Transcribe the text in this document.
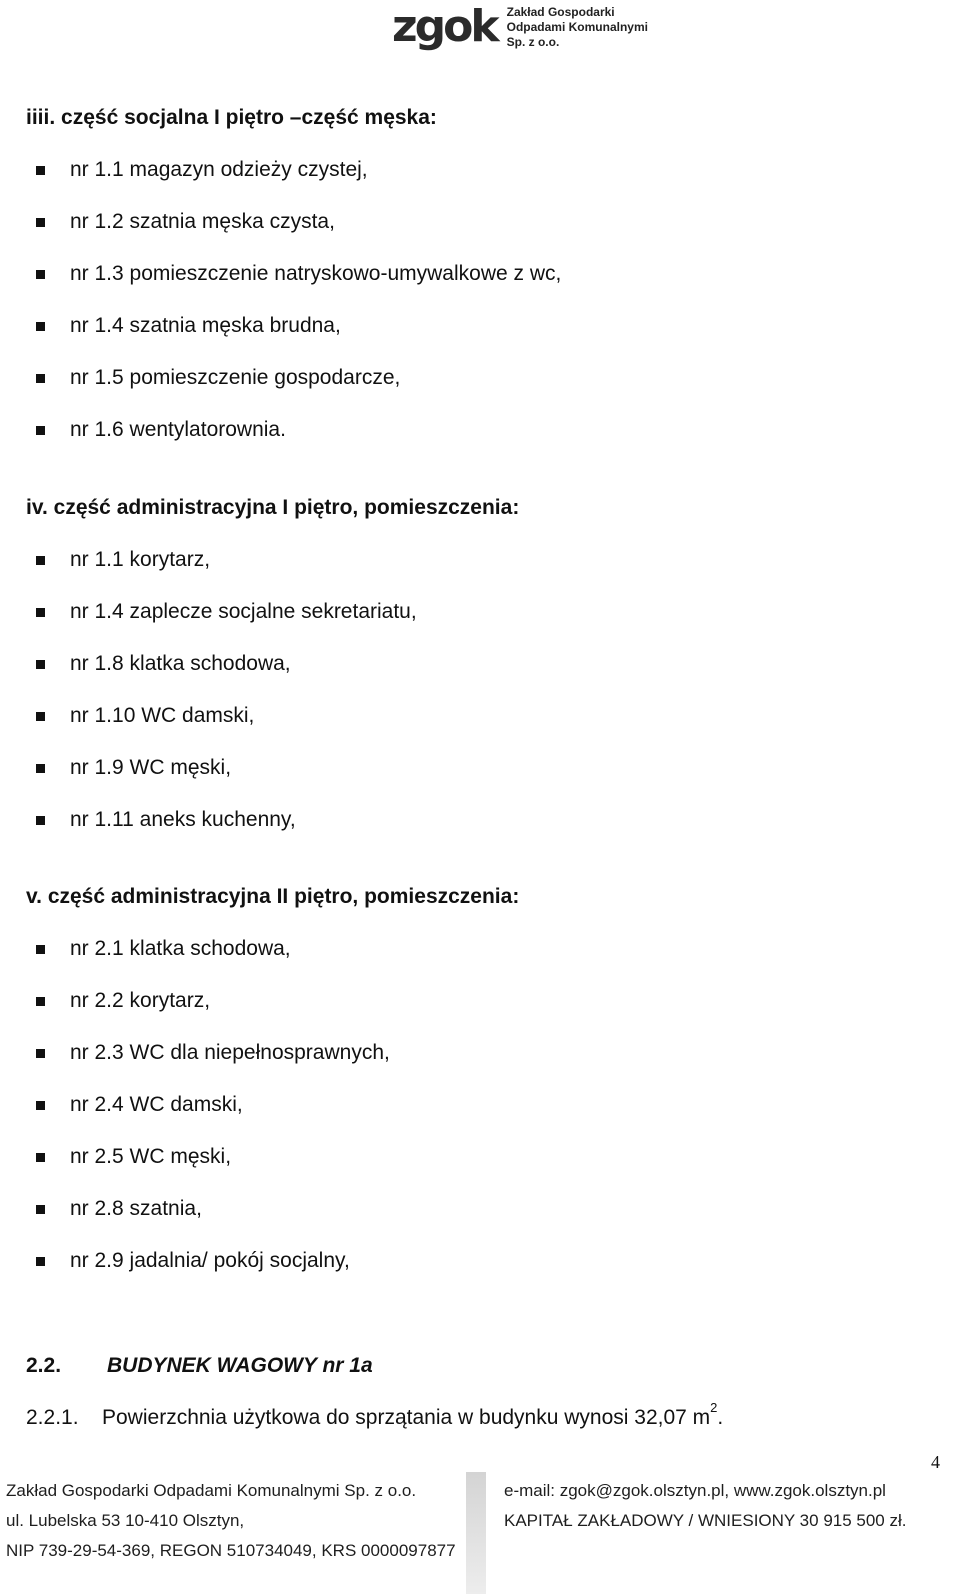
zgok Zakład Gospodarki
Odpadami Komunalnymi Sp. z o.o.
iiii. część socjalna I piętro –część męska:
nr 1.1 magazyn odzieży czystej,
nr 1.2 szatnia męska czysta,
nr 1.3 pomieszczenie natryskowo-umywalkowe z wc,
nr 1.4 szatnia męska brudna,
nr 1.5 pomieszczenie gospodarcze,
nr 1.6 wentylatorownia.
iv. część administracyjna I piętro, pomieszczenia:
nr 1.1 korytarz,
nr 1.4 zaplecze socjalne sekretariatu,
nr 1.8 klatka schodowa,
nr 1.10 WC damski,
nr 1.9 WC męski,
nr 1.11 aneks kuchenny,
v. część administracyjna II piętro, pomieszczenia:
nr 2.1 klatka schodowa,
nr 2.2 korytarz,
nr 2.3 WC dla niepełnosprawnych,
nr 2.4 WC damski,
nr 2.5 WC męski,
nr 2.8 szatnia,
nr 2.9 jadalnia/ pokój socjalny,
2.2.	BUDYNEK WAGOWY nr 1a
2.2.1.	Powierzchnia użytkowa do sprzątania w budynku wynosi 32,07 $m^2$.
4
Zakład Gospodarki Odpadami Komunalnymi Sp. z o.o.
ul. Lubelska 53 10-410 Olsztyn,
NIP 739-29-54-369, REGON 510734049, KRS 0000097877
e-mail: zgok@zgok.olsztyn.pl, www.zgok.olsztyn.pl
KAPITAŁ ZAKŁADOWY / WNIESIONY 30 915 500 zł.
